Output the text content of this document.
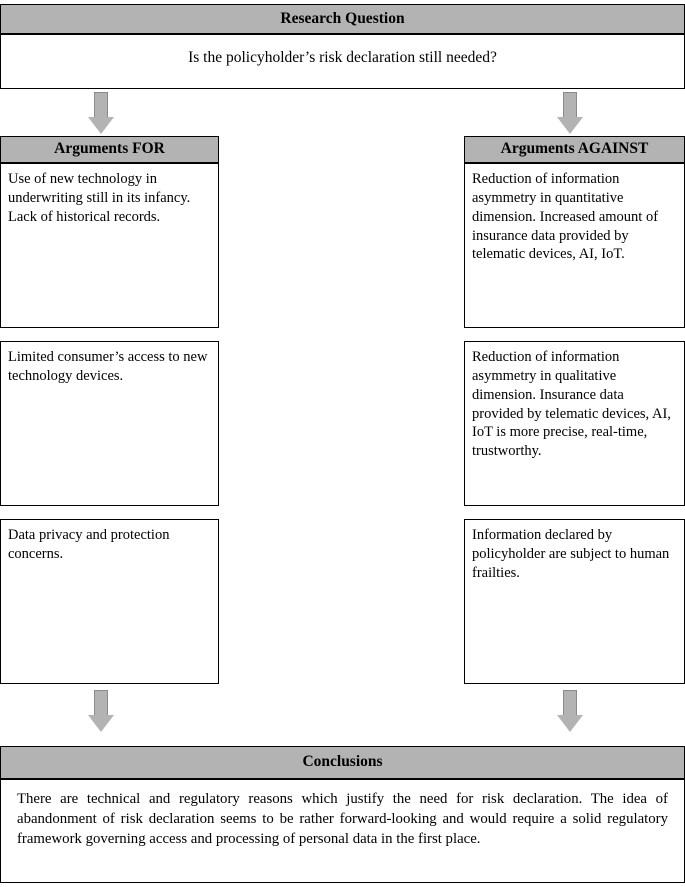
Research Question
Is the policyholder’s risk declaration still needed?
Arguments FOR	Arguments AGAINST
Use of new technology in underwriting still in its infancy. Lack of historical records.
Limited consumer’s access to new technology devices.
Data privacy and protection concerns.
Reduction of information asymmetry in quantitative dimension. Increased amount of insurance data provided by telematic devices, AI, IoT.
Reduction of information asymmetry in qualitative dimension. Insurance data provided by telematic devices, AI, IoT is more precise, real-time, trustworthy.
Information declared by policyholder are subject to human frailties.
Conclusions
There are technical and regulatory reasons which justify the need for risk declaration. The idea of abandonment of risk declaration seems to be rather forward-looking and would require a solid regulatory framework governing access and processing of personal data in the first place.
